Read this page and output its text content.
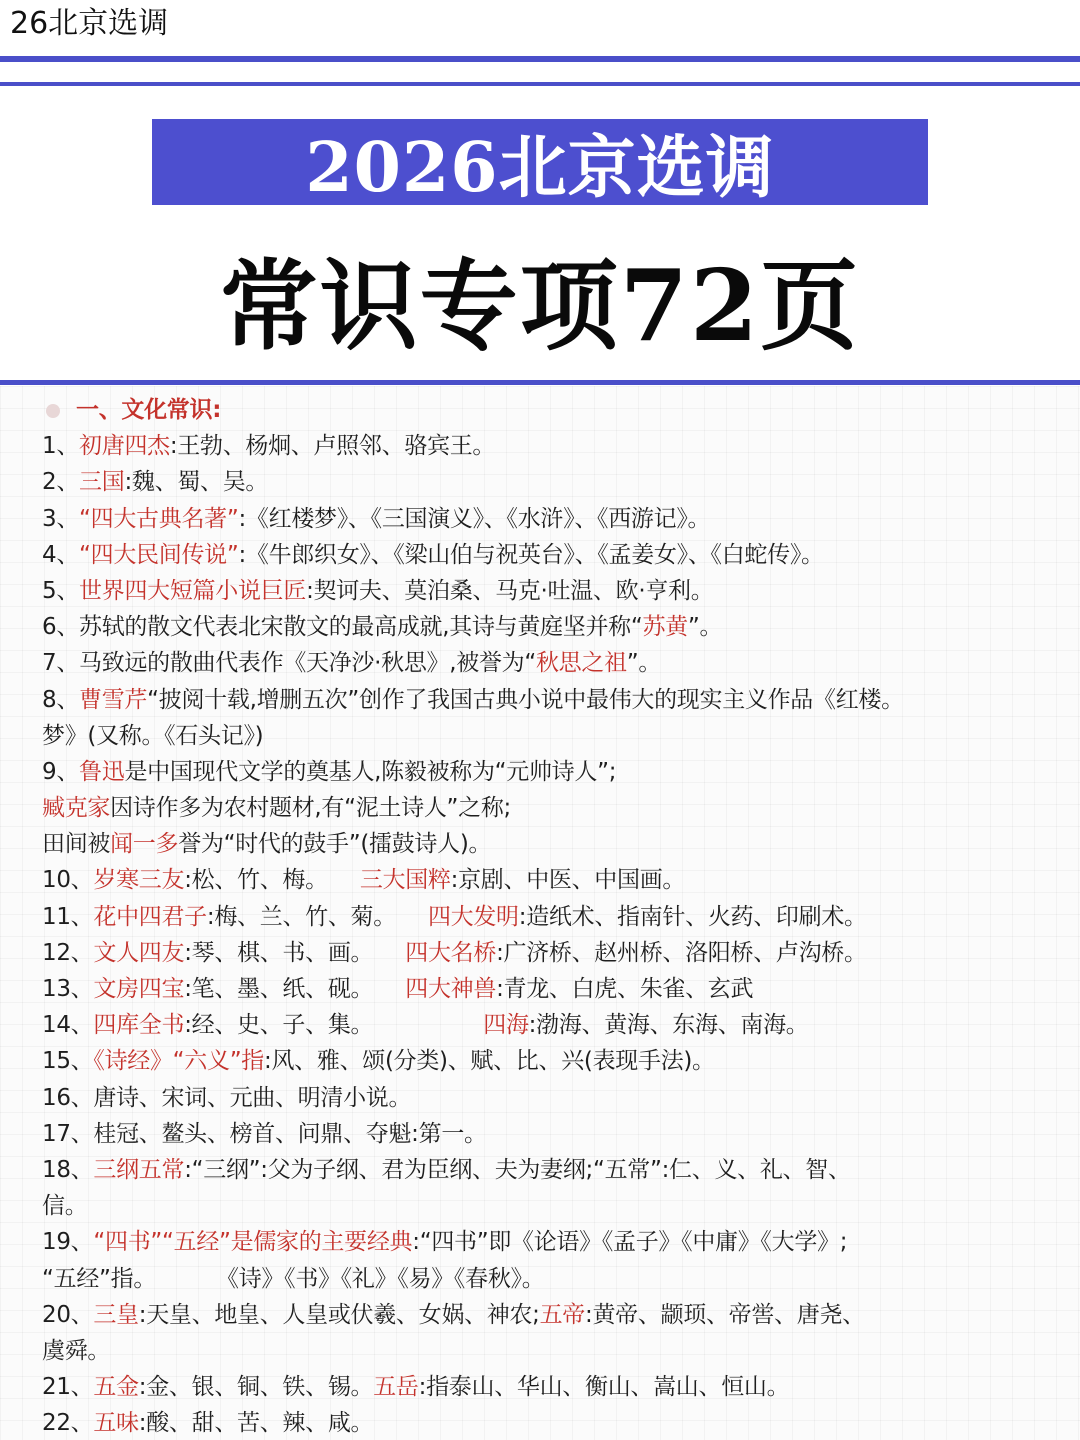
26北京选调
2026北京选调
常识专项72页
一、文化常识:
1、初唐四杰:王勃、杨炯、卢照邻、骆宾王。
2、三国:魏、蜀、吴。
3、“四大古典名著”:《红楼梦》、《三国演义》、《水浒》、《西游记》。
4、“四大民间传说”:《牛郎织女》、《梁山伯与祝英台》、《孟姜女》、《白蛇传》。
5、世界四大短篇小说巨匠:契诃夫、莫泊桑、马克·吐温、欧·亨利。
6、苏轼的散文代表北宋散文的最高成就,其诗与黄庭坚并称“苏黄”。
7、马致远的散曲代表作《天净沙·秋思》,被誉为“秋思之祖”。
8、曹雪芹“披阅十载,增删五次”创作了我国古典小说中最伟大的现实主义作品《红楼。
梦》(又称。《石头记》)
9、鲁迅是中国现代文学的奠基人,陈毅被称为“元帅诗人”;
臧克家因诗作多为农村题材,有“泥土诗人”之称;
田间被闻一多誉为“时代的鼓手”(擂鼓诗人)。
10、岁寒三友:松、竹、梅。 三大国粹:京剧、中医、中国画。
11、花中四君子:梅、兰、竹、菊。 四大发明:造纸术、指南针、火药、印刷术。
12、文人四友:琴、棋、书、画。 四大名桥:广济桥、赵州桥、洛阳桥、卢沟桥。
13、文房四宝:笔、墨、纸、砚。 四大神兽:青龙、白虎、朱雀、玄武
14、四库全书:经、史、子、集。	四海:渤海、黄海、东海、南海。
15、《诗经》“六义”指:风、雅、颂(分类)、赋、比、兴(表现手法)。
16、唐诗、宋词、元曲、明清小说。
17、桂冠、鳌头、榜首、问鼎、夺魁:第一。
18、三纲五常:“三纲”:父为子纲、君为臣纲、夫为妻纲;“五常”:仁、义、礼、智、
信。
19、“四书”“五经”是儒家的主要经典:“四书”即《论语》《孟子》《中庸》《大学》;
“五经”指。	《诗》《书》《礼》《易》《春秋》。
20、三皇:天皇、地皇、人皇或伏羲、女娲、神农;五帝:黄帝、颛顼、帝喾、唐尧、
虞舜。
21、五金:金、银、铜、铁、锡。五岳:指泰山、华山、衡山、嵩山、恒山。
22、五味:酸、甜、苦、辣、咸。
